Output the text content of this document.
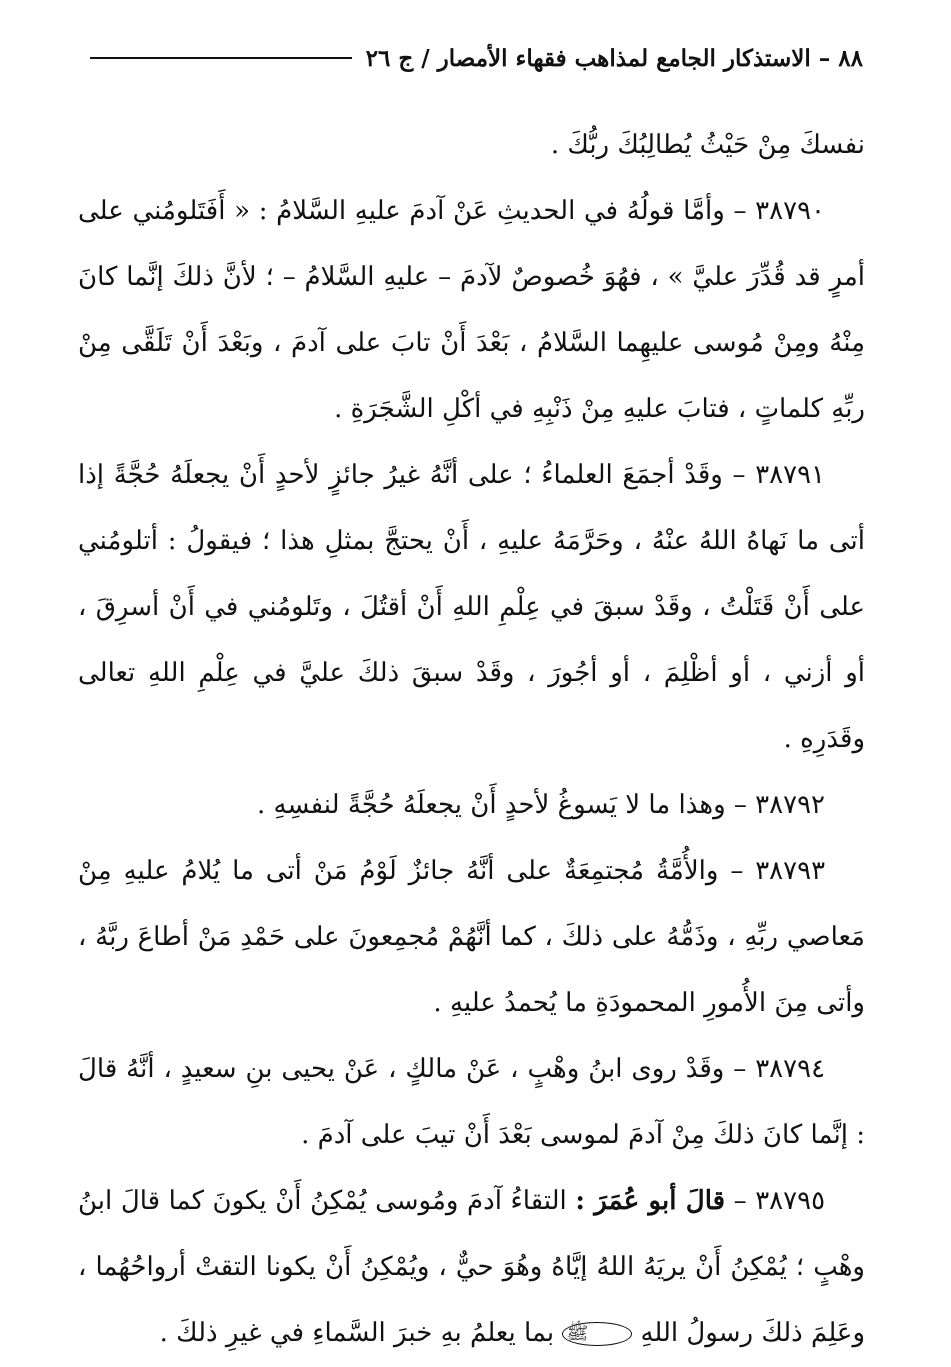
٨٨ – الاستذكار الجامع لمذاهب فقهاء الأمصار / ج ٢٦

نفسكَ مِنْ حَيْثُ يُطالِبُكَ ربُّكَ .

٣٨٧٩٠ – وأمَّا قولُهُ في الحديثِ عَنْ آدمَ عليهِ السَّلامُ : « أَفَتَلومُني على أمرٍ قد قُدِّرَ عليَّ » ، فهُوَ خُصوصٌ لآدمَ – عليهِ السَّلامُ – ؛ لأنَّ ذلكَ إنَّما كانَ مِنْهُ ومِنْ مُوسى عليهِما السَّلامُ ، بَعْدَ أَنْ تابَ على آدمَ ، وبَعْدَ أَنْ تَلَقَّى مِنْ ربِّهِ كلماتٍ ، فتابَ عليهِ مِنْ ذَنْبِهِ في أكْلِ الشَّجَرَةِ .

٣٨٧٩١ – وقَدْ أجمَعَ العلماءُ ؛ على أنَّهُ غيرُ جائزٍ لأحدٍ أَنْ يجعلَهُ حُجَّةً إذا أتى ما نَهاهُ اللهُ عنْهُ ، وحَرَّمَهُ عليهِ ، أَنْ يحتجَّ بمثلِ هذا ؛ فيقولُ : أتلومُني على أَنْ قَتَلْتُ ، وقَدْ سبقَ في عِلْمِ اللهِ أَنْ أقتُلَ ، وتَلومُني في أَنْ أسرِقَ ، أو أزني ، أو أظْلِمَ ، أو أجُورَ ، وقَدْ سبقَ ذلكَ عليَّ في عِلْمِ اللهِ تعالى وقَدَرِهِ .

٣٨٧٩٢ – وهذا ما لا يَسوغُ لأحدٍ أَنْ يجعلَهُ حُجَّةً لنفسِهِ .

٣٨٧٩٣ – والأُمَّةُ مُجتمِعَةٌ على أنَّهُ جائزٌ لَوْمُ مَنْ أتى ما يُلامُ عليهِ مِنْ مَعاصي ربِّهِ ، وذَمُّهُ على ذلكَ ، كما أنَّهُمْ مُجمِعونَ على حَمْدِ مَنْ أطاعَ ربَّهُ ، وأتى مِنَ الأُمورِ المحمودَةِ ما يُحمدُ عليهِ .

٣٨٧٩٤ – وقَدْ روى ابنُ وهْبٍ ، عَنْ مالكٍ ، عَنْ يحيى بنِ سعيدٍ ، أنَّهُ قالَ : إنَّما كانَ ذلكَ مِنْ آدمَ لموسى بَعْدَ أَنْ تيبَ على آدمَ .

٣٨٧٩٥ – قالَ أبو عُمَرَ : التقاءُ آدمَ ومُوسى يُمْكِنُ أَنْ يكونَ كما قالَ ابنُ وهْبٍ ؛ يُمْكِنُ أَنْ يريَهُ اللهُ إيَّاهُ وهُوَ حيٌّ ، ويُمْكِنُ أَنْ يكونا التقتْ أرواحُهُما ، وعَلِمَ ذلكَ رسولُ اللهِ ﷺ بما يعلمُ بهِ خبرَ السَّماءِ في غيرِ ذلكَ .
